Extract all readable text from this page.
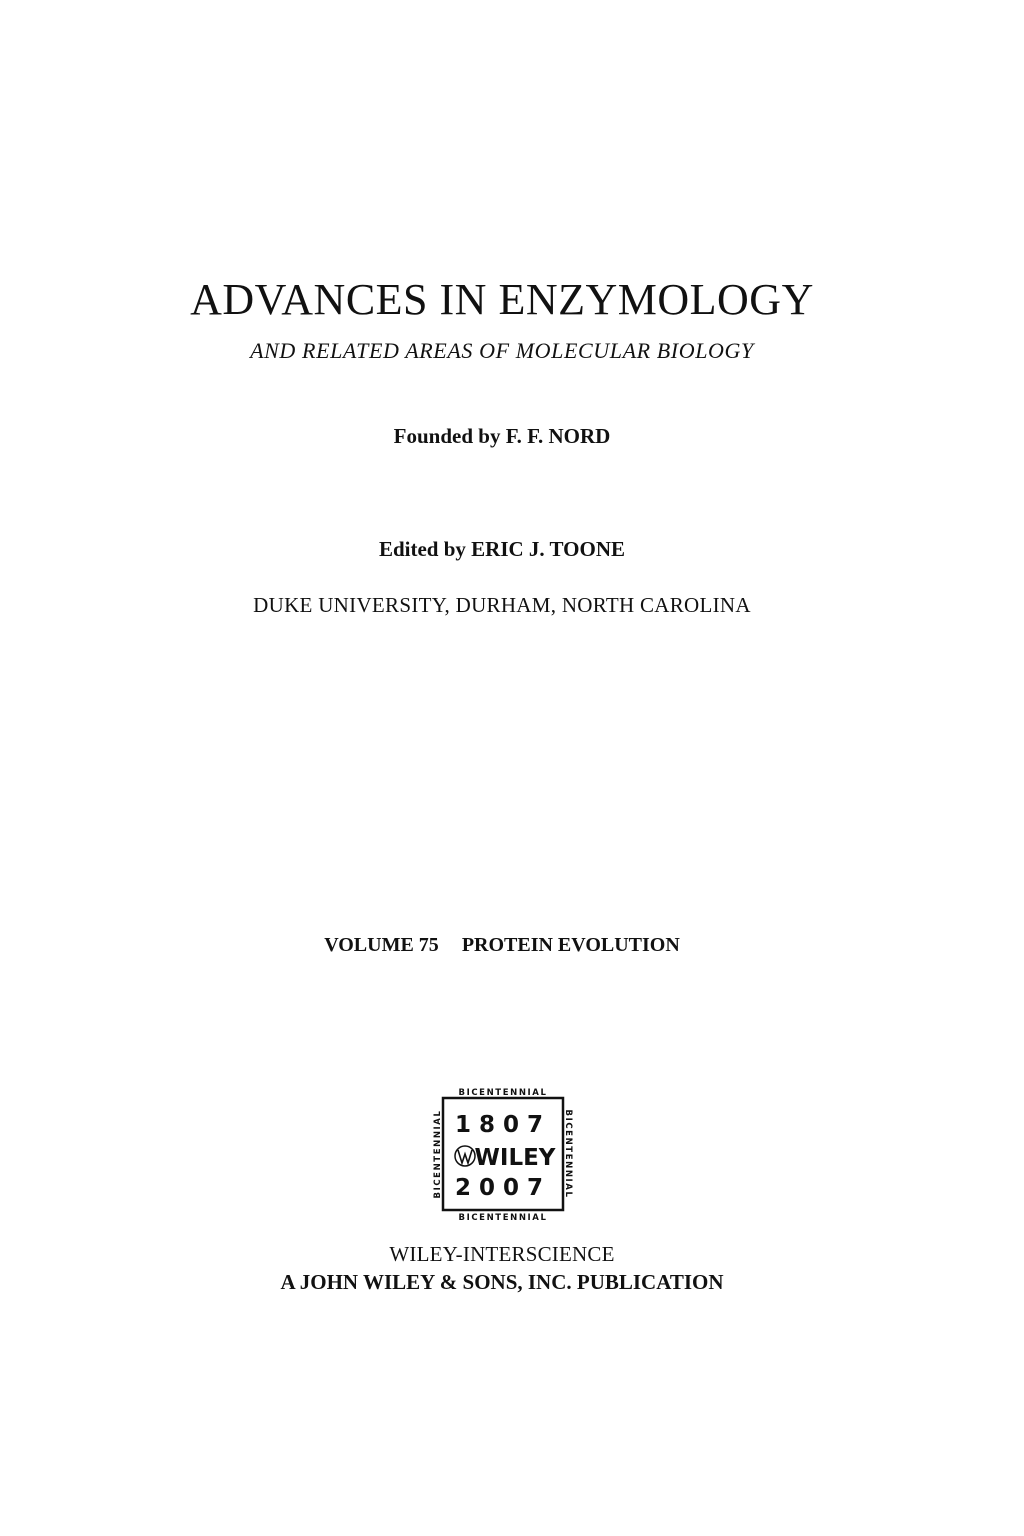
ADVANCES IN ENZYMOLOGY
AND RELATED AREAS OF MOLECULAR BIOLOGY
Founded by F. F. NORD
Edited by ERIC J. TOONE
DUKE UNIVERSITY, DURHAM, NORTH CAROLINA
VOLUME 75 PROTEIN EVOLUTION
BICENTENNIAL
BICENTENNIAL
BICENTENNIAL	BICENTENNIAL
1807
WILEY
2007
WILEY-INTERSCIENCE
A JOHN WILEY & SONS, INC. PUBLICATION
